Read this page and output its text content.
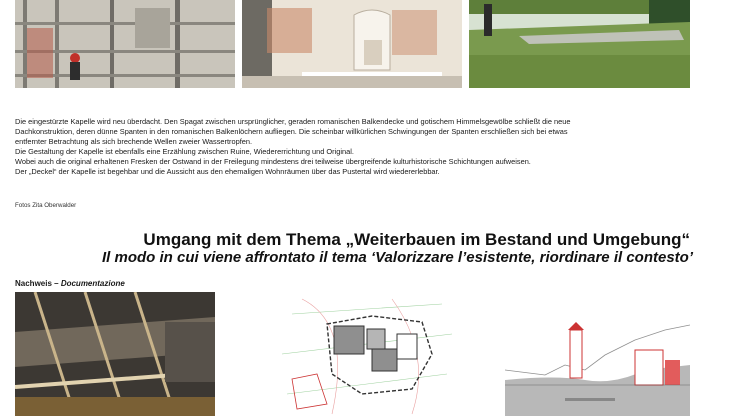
Die eingestürzte Kapelle wird neu überdacht. Den Spagat zwischen ursprünglicher, geraden romanischen Balkendecke und gotischem Himmelsgewölbe schließt die neue

Dachkonstruktion, deren dünne Spanten in den romanischen Balkenlöchern aufliegen. Die scheinbar willkürlichen Schwingungen der Spanten erschließen sich bei etwas

entfernter Betrachtung als sich brechende Wellen zweier Wassertropfen.

Die Gestaltung der Kapelle ist ebenfalls eine Erzählung zwischen Ruine, Wiedererrichtung und Original.

Wobei auch die original erhaltenen Fresken der Ostwand in der Freilegung mindestens drei teilweise übergreifende kulturhistorische Schichtungen aufweisen.

Der „Deckel“ der Kapelle ist begehbar und die Aussicht aus den ehemaligen Wohnräumen über das Pustertal wird wiedererlebbar.

Fotos Zita Oberwalder
Umgang mit dem Thema „Weiterbauen im Bestand und Umgebung“
Il modo in cui viene affrontato il tema ‘Valorizzare l’esistente, riordinare il contesto’
Nachweis – Documentazione
